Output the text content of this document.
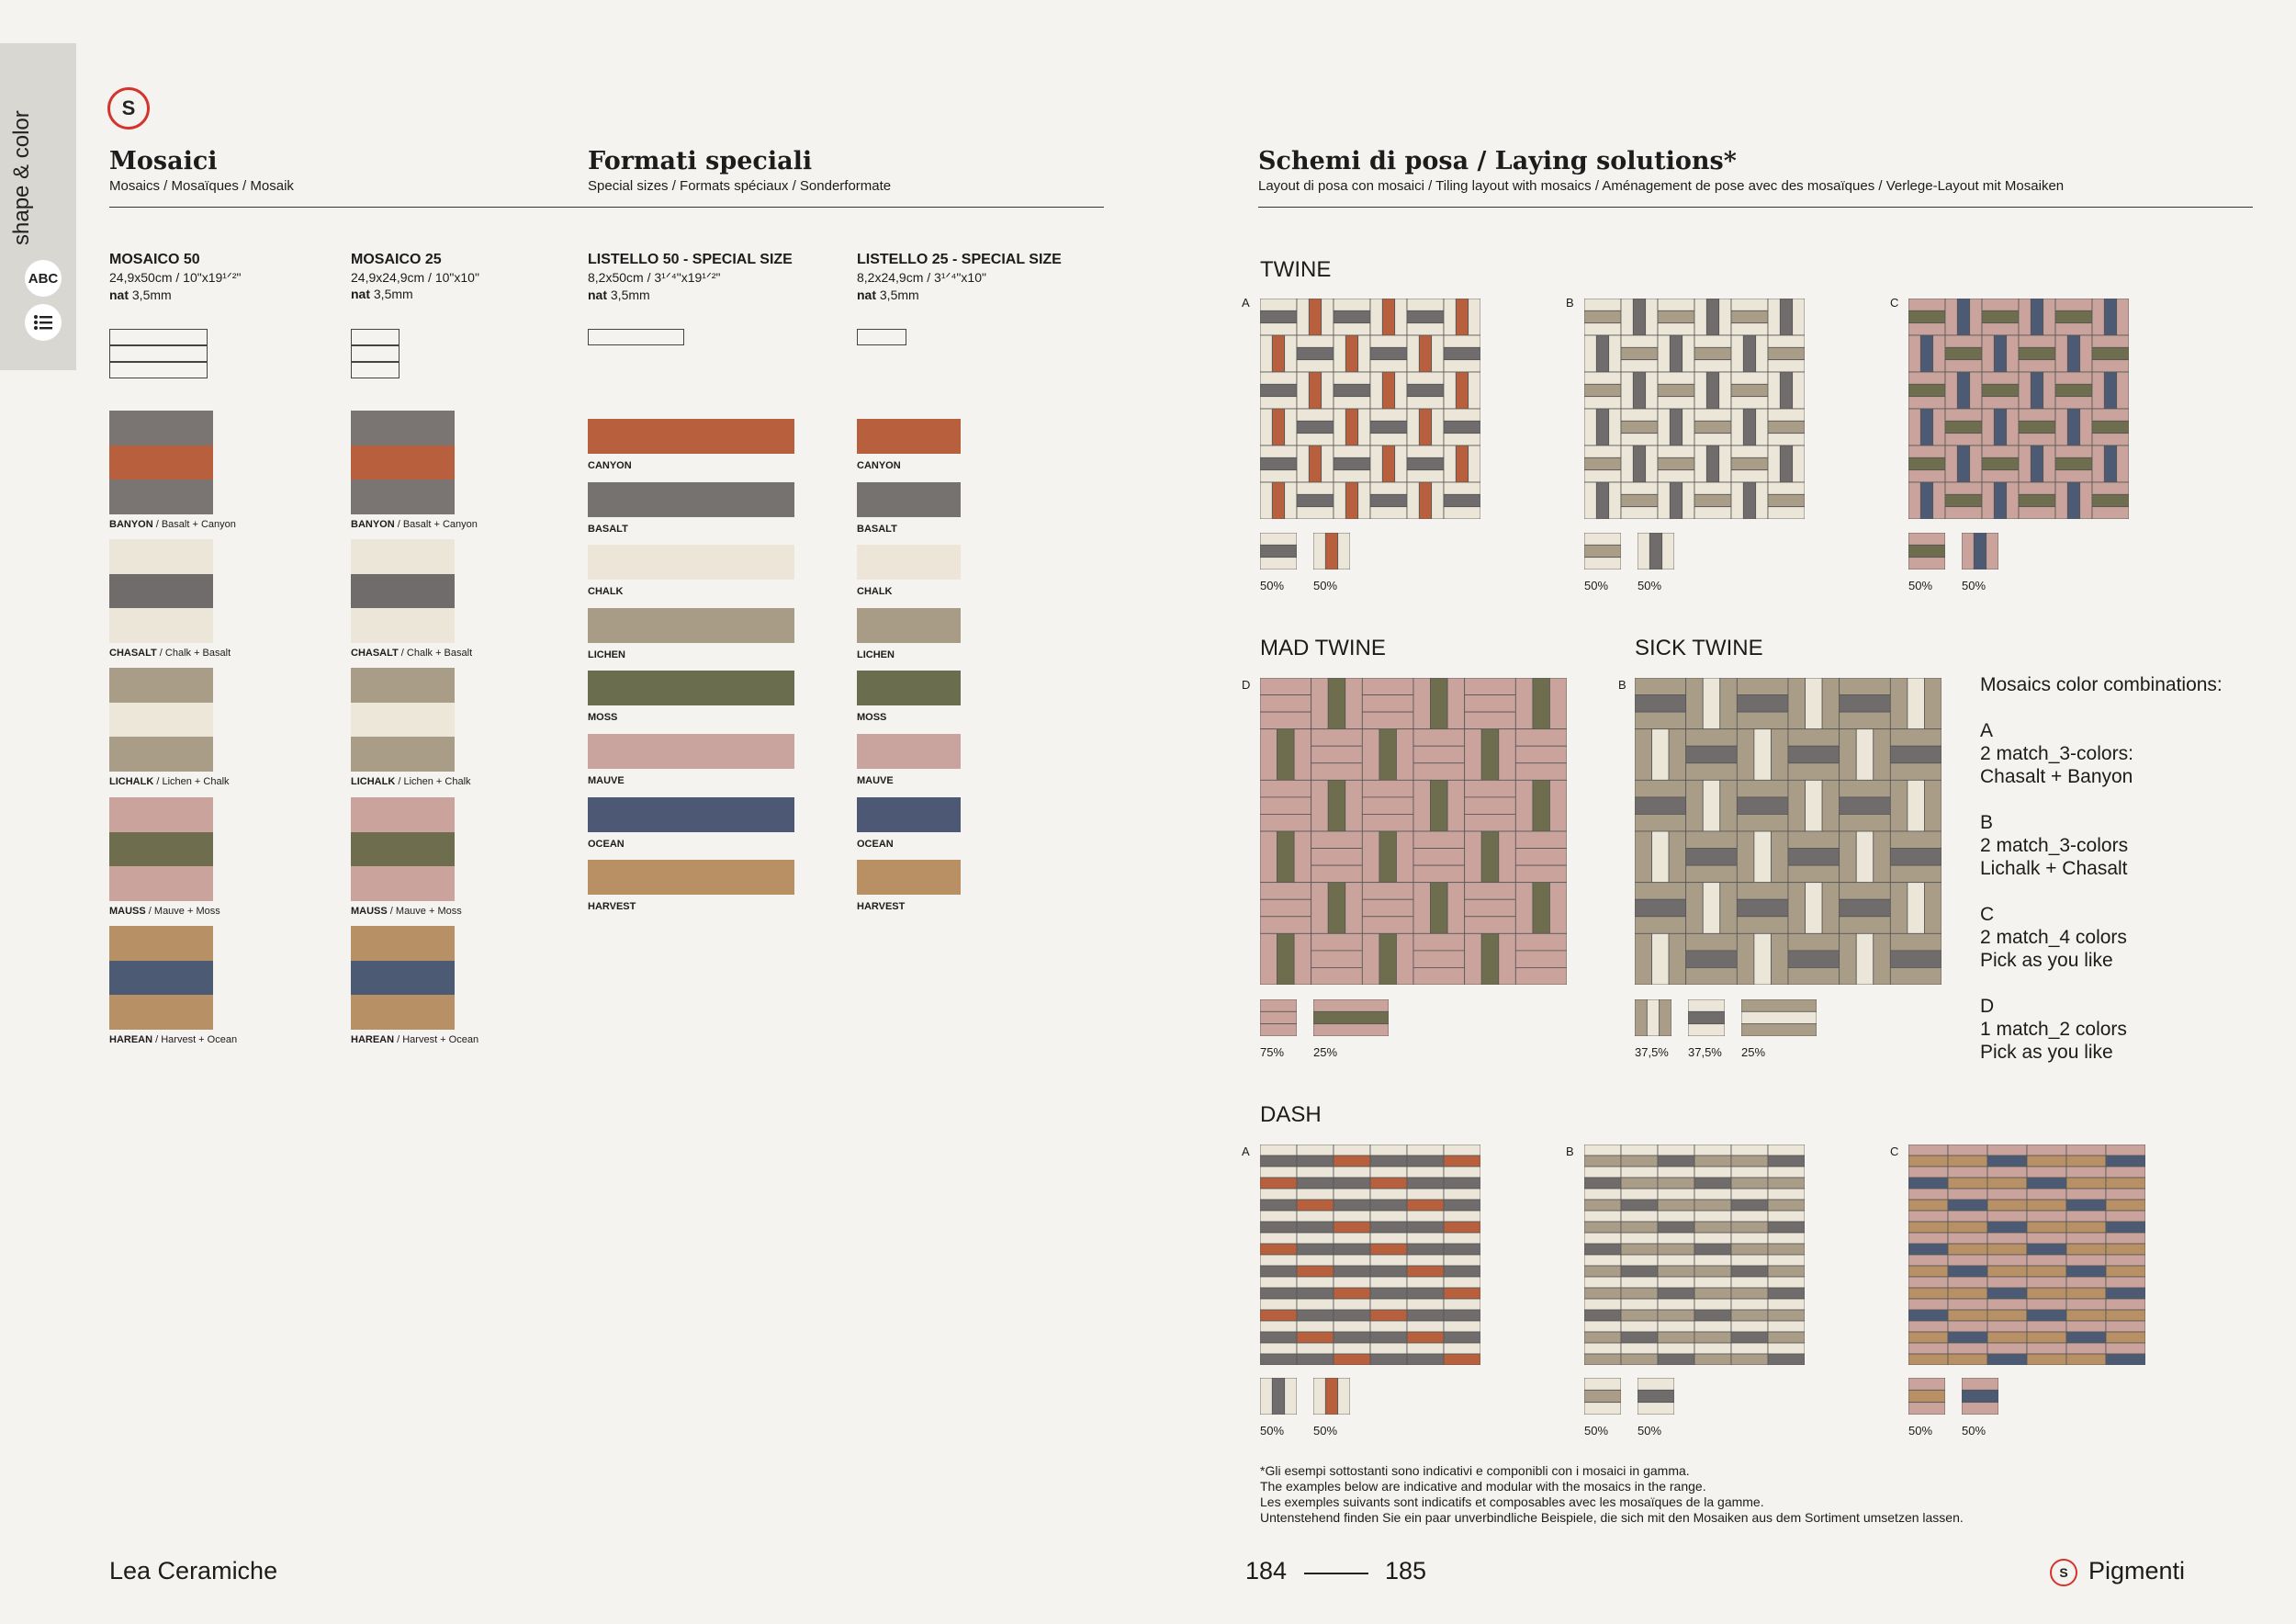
shape & color
ABC
S
Mosaici
Mosaics / Mosaïques / Mosaik
Formati speciali
Special sizes / Formats spéciaux / Sonderformate
MOSAICO 50
24,9x50cm / 10"x19¹ᐟ²"
nat 3,5mm
MOSAICO 25
24,9x24,9cm / 10"x10"
nat 3,5mm
LISTELLO 50 - SPECIAL SIZE
8,2x50cm / 3¹ᐟ⁴"x19¹ᐟ²"
nat 3,5mm
LISTELLO 25 - SPECIAL SIZE
8,2x24,9cm / 3¹ᐟ⁴"x10"
nat 3,5mm
BANYON / Basalt + Canyon	BANYON / Basalt + Canyon
CHASALT / Chalk + Basalt	CHASALT / Chalk + Basalt
LICHALK / Lichen + Chalk	LICHALK / Lichen + Chalk
MAUSS / Mauve + Moss	MAUSS / Mauve + Moss
HAREAN / Harvest + Ocean	HAREAN / Harvest + Ocean
CANYON	CANYON
BASALT	BASALT
CHALK	CHALK
LICHEN	LICHEN
MOSS	MOSS
MAUVE	MAUVE
OCEAN	OCEAN
HARVEST	HARVEST
Schemi di posa / Laying solutions*
Layout di posa con mosaici / Tiling layout with mosaics / Aménagement de pose avec des mosaïques / Verlege-Layout mit Mosaiken
TWINE
A
50% 50%
B
50% 50%
C
50% 50%
MAD TWINE	SICK TWINE
D
75% 25%
B
37,5% 37,5% 25%
Mosaics color combinations:
A
2 match_3-colors:
Chasalt + Banyon
B
2 match_3-colors
Lichalk + Chasalt
C
2 match_4 colors
Pick as you like
D
1 match_2 colors
Pick as you like
DASH
A
50% 50%
B
50% 50%
C
50% 50%
*Gli esempi sottostanti sono indicativi e componibli con i mosaici in gamma.
The examples below are indicative and modular with the mosaics in the range.
Les exemples suivants sont indicatifs et composables avec les mosaïques de la gamme.
Untenstehend finden Sie ein paar unverbindliche Beispiele, die sich mit den Mosaiken aus dem Sortiment umsetzen lassen.
Lea Ceramiche	184	185	S Pigmenti
